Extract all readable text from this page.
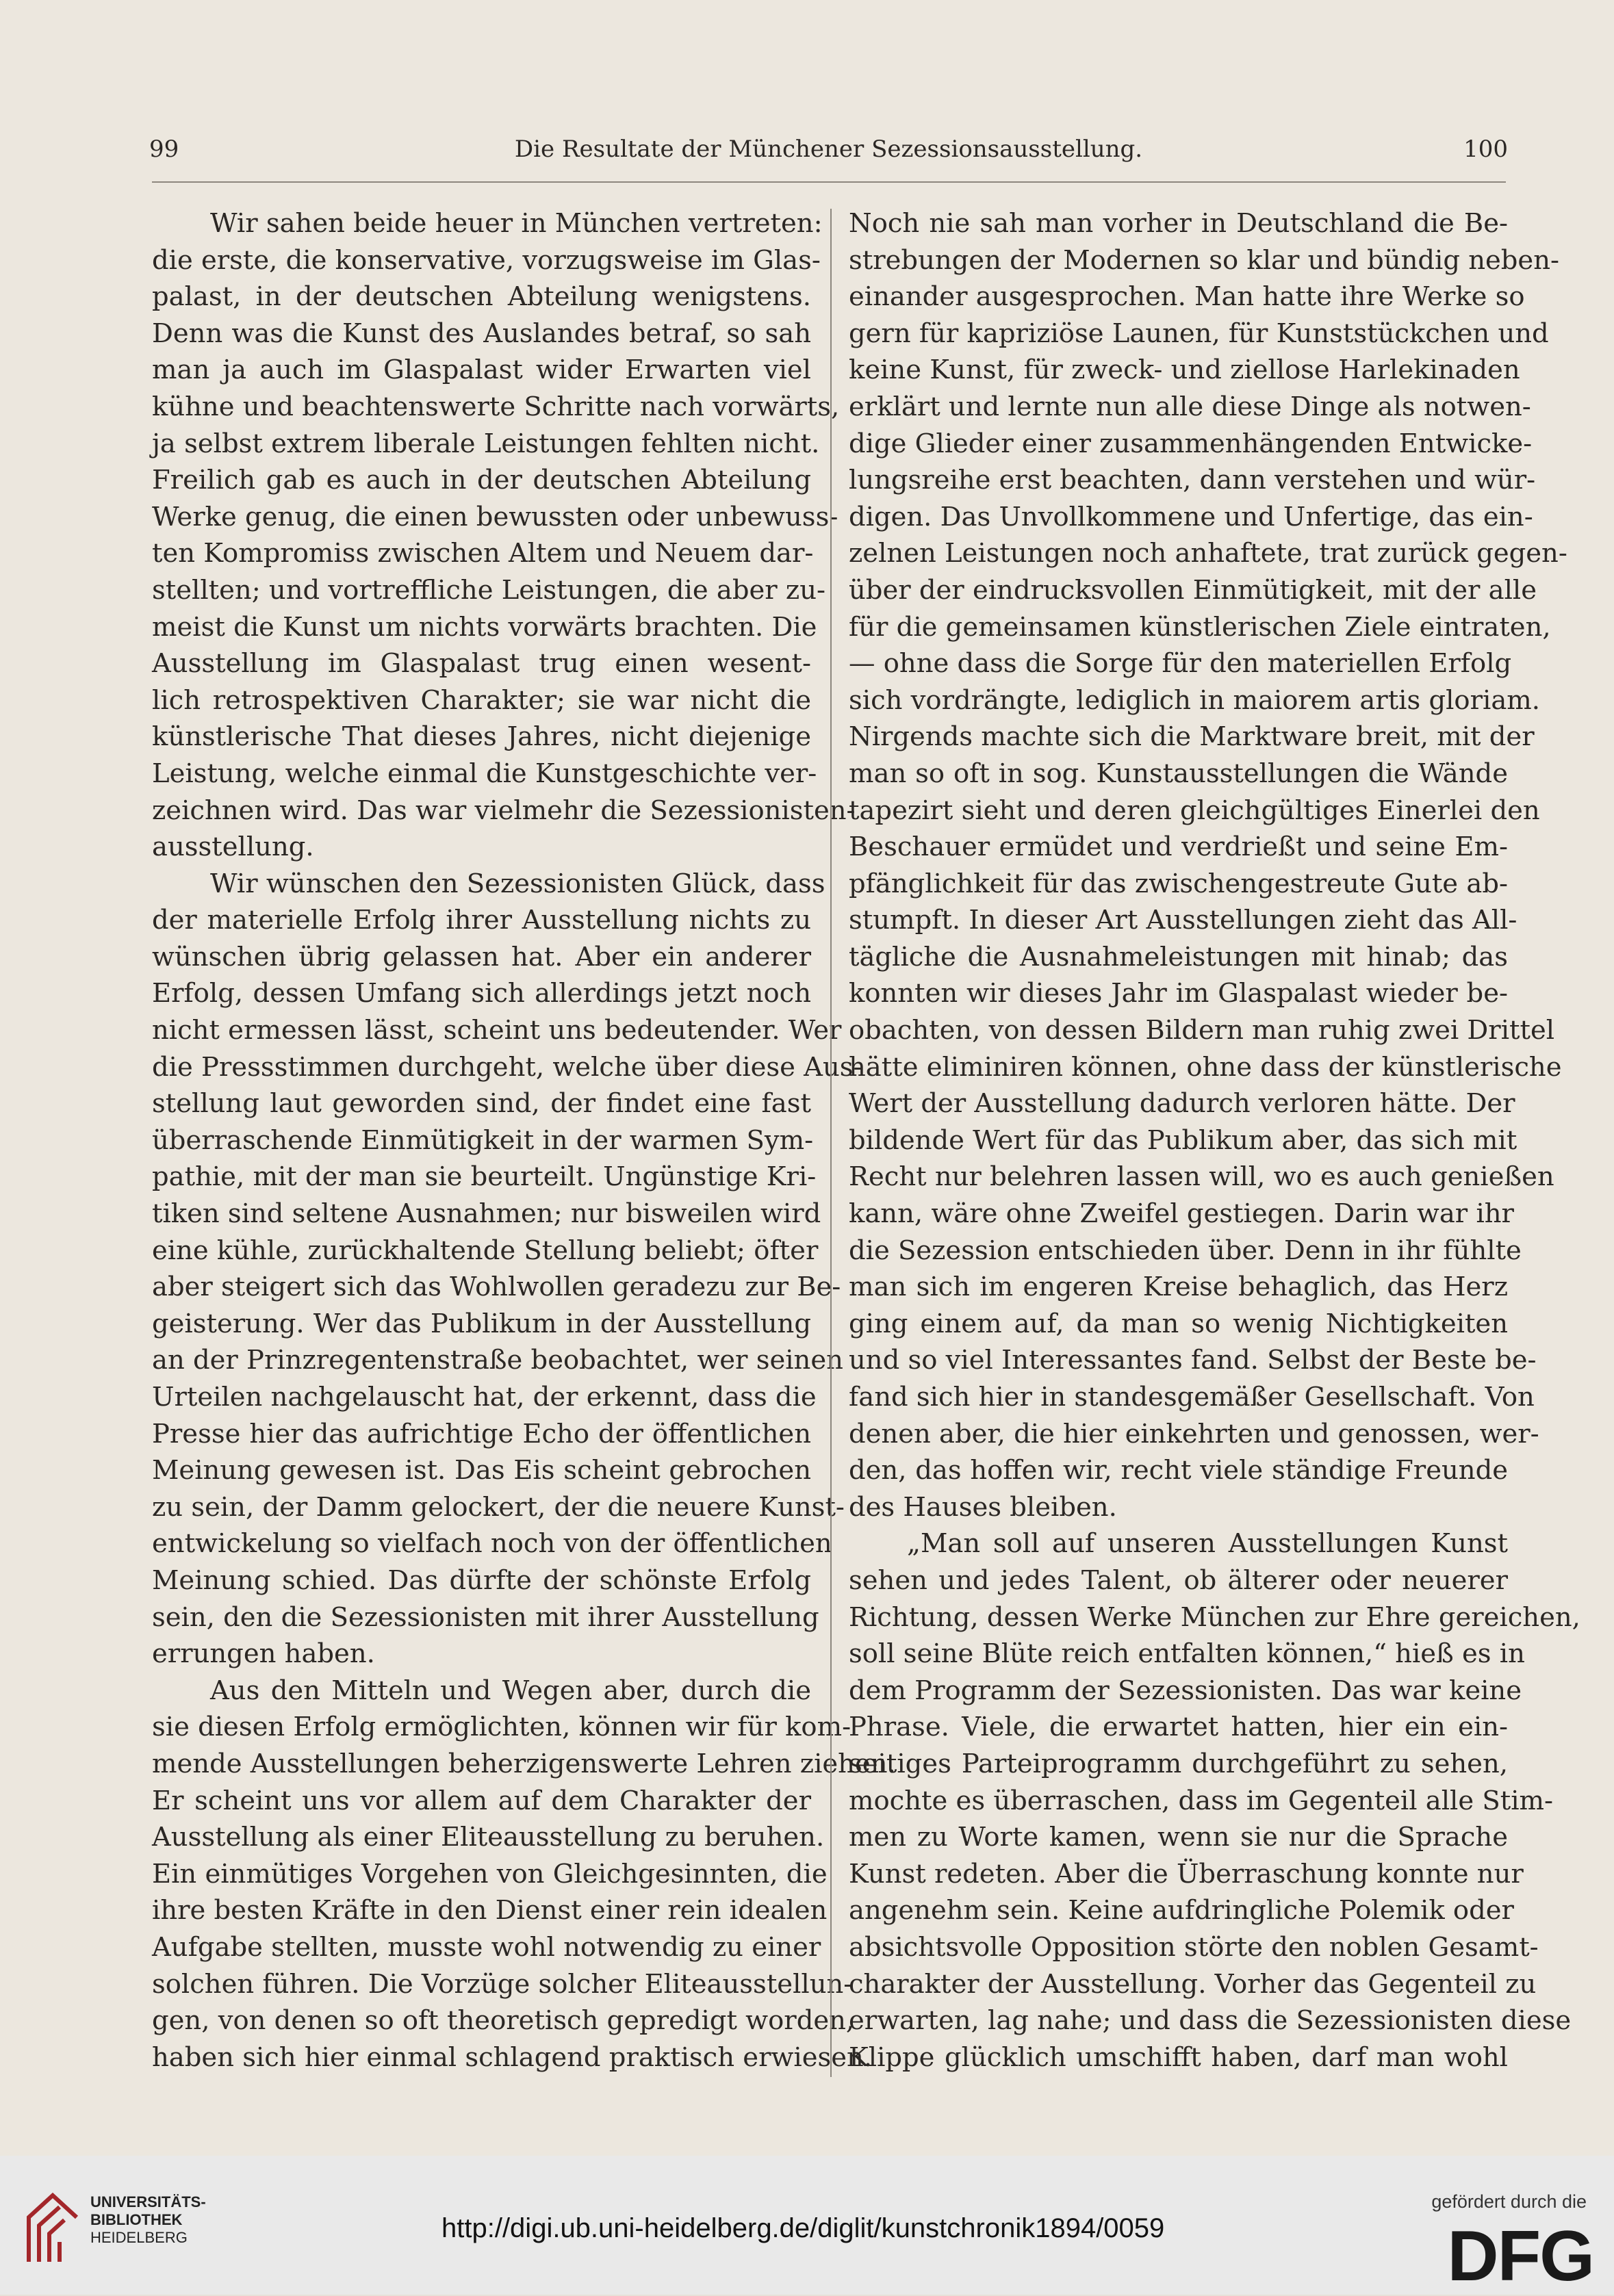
99	Die Resultate der Münchener Sezessionsausstellung.	100
Wir sahen beide heuer in München vertreten:
die erste, die konservative, vorzugsweise im Glas-
palast, in der deutschen Abteilung wenigstens.
Denn was die Kunst des Auslandes betraf, so sah
man ja auch im Glaspalast wider Erwarten viel
kühne und beachtenswerte Schritte nach vorwärts,
ja selbst extrem liberale Leistungen fehlten nicht.
Freilich gab es auch in der deutschen Abteilung
Werke genug, die einen bewussten oder unbewuss-
ten Kompromiss zwischen Altem und Neuem dar-
stellten; und vortreffliche Leistungen, die aber zu-
meist die Kunst um nichts vorwärts brachten. Die
Ausstellung im Glaspalast trug einen wesent-
lich retrospektiven Charakter; sie war nicht die
künstlerische That dieses Jahres, nicht diejenige
Leistung, welche einmal die Kunstgeschichte ver-
zeichnen wird. Das war vielmehr die Sezessionisten-
ausstellung.
Wir wünschen den Sezessionisten Glück, dass
der materielle Erfolg ihrer Ausstellung nichts zu
wünschen übrig gelassen hat. Aber ein anderer
Erfolg, dessen Umfang sich allerdings jetzt noch
nicht ermessen lässt, scheint uns bedeutender. Wer
die Pressstimmen durchgeht, welche über diese Aus-
stellung laut geworden sind, der findet eine fast
überraschende Einmütigkeit in der warmen Sym-
pathie, mit der man sie beurteilt. Ungünstige Kri-
tiken sind seltene Ausnahmen; nur bisweilen wird
eine kühle, zurückhaltende Stellung beliebt; öfter
aber steigert sich das Wohlwollen geradezu zur Be-
geisterung. Wer das Publikum in der Ausstellung
an der Prinzregentenstraße beobachtet, wer seinen
Urteilen nachgelauscht hat, der erkennt, dass die
Presse hier das aufrichtige Echo der öffentlichen
Meinung gewesen ist. Das Eis scheint gebrochen
zu sein, der Damm gelockert, der die neuere Kunst-
entwickelung so vielfach noch von der öffentlichen
Meinung schied. Das dürfte der schönste Erfolg
sein, den die Sezessionisten mit ihrer Ausstellung
errungen haben.
Aus den Mitteln und Wegen aber, durch die
sie diesen Erfolg ermöglichten, können wir für kom-
mende Ausstellungen beherzigenswerte Lehren ziehen.
Er scheint uns vor allem auf dem Charakter der
Ausstellung als einer Eliteausstellung zu beruhen.
Ein einmütiges Vorgehen von Gleichgesinnten, die
ihre besten Kräfte in den Dienst einer rein idealen
Aufgabe stellten, musste wohl notwendig zu einer
solchen führen. Die Vorzüge solcher Eliteausstellun-
gen, von denen so oft theoretisch gepredigt worden,
haben sich hier einmal schlagend praktisch erwiesen.
Noch nie sah man vorher in Deutschland die Be-
strebungen der Modernen so klar und bündig neben-
einander ausgesprochen. Man hatte ihre Werke so
gern für kapriziöse Launen, für Kunststückchen und
keine Kunst, für zweck- und ziellose Harlekinaden
erklärt und lernte nun alle diese Dinge als notwen-
dige Glieder einer zusammenhängenden Entwicke-
lungsreihe erst beachten, dann verstehen und wür-
digen. Das Unvollkommene und Unfertige, das ein-
zelnen Leistungen noch anhaftete, trat zurück gegen-
über der eindrucksvollen Einmütigkeit, mit der alle
für die gemeinsamen künstlerischen Ziele eintraten,
— ohne dass die Sorge für den materiellen Erfolg
sich vordrängte, lediglich in maiorem artis gloriam.
Nirgends machte sich die Marktware breit, mit der
man so oft in sog. Kunstausstellungen die Wände
tapezirt sieht und deren gleichgültiges Einerlei den
Beschauer ermüdet und verdrießt und seine Em-
pfänglichkeit für das zwischengestreute Gute ab-
stumpft. In dieser Art Ausstellungen zieht das All-
tägliche die Ausnahmeleistungen mit hinab; das
konnten wir dieses Jahr im Glaspalast wieder be-
obachten, von dessen Bildern man ruhig zwei Drittel
hätte eliminiren können, ohne dass der künstlerische
Wert der Ausstellung dadurch verloren hätte. Der
bildende Wert für das Publikum aber, das sich mit
Recht nur belehren lassen will, wo es auch genießen
kann, wäre ohne Zweifel gestiegen. Darin war ihr
die Sezession entschieden über. Denn in ihr fühlte
man sich im engeren Kreise behaglich, das Herz
ging einem auf, da man so wenig Nichtigkeiten
und so viel Interessantes fand. Selbst der Beste be-
fand sich hier in standesgemäßer Gesellschaft. Von
denen aber, die hier einkehrten und genossen, wer-
den, das hoffen wir, recht viele ständige Freunde
des Hauses bleiben.
„Man soll auf unseren Ausstellungen Kunst
sehen und jedes Talent, ob älterer oder neuerer
Richtung, dessen Werke München zur Ehre gereichen,
soll seine Blüte reich entfalten können,“ hieß es in
dem Programm der Sezessionisten. Das war keine
Phrase. Viele, die erwartet hatten, hier ein ein-
seitiges Parteiprogramm durchgeführt zu sehen,
mochte es überraschen, dass im Gegenteil alle Stim-
men zu Worte kamen, wenn sie nur die Sprache
Kunst redeten. Aber die Überraschung konnte nur
angenehm sein. Keine aufdringliche Polemik oder
absichtsvolle Opposition störte den noblen Gesamt-
charakter der Ausstellung. Vorher das Gegenteil zu
erwarten, lag nahe; und dass die Sezessionisten diese
Klippe glücklich umschifft haben, darf man wohl
UNIVERSITÄTS-
BIBLIOTHEK
HEIDELBERG	http://digi.ub.uni-heidelberg.de/diglit/kunstchronik1894/0059
gefördert durch die
DFG
